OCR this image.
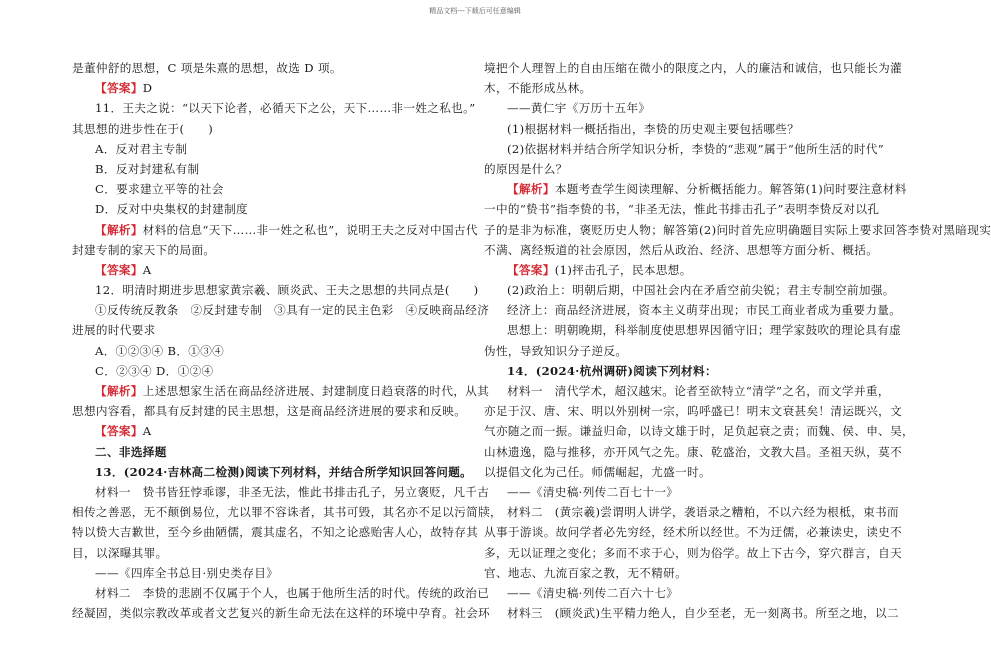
精品文档---下载后可任意编辑
是董仲舒的思想，C 项是朱熹的思想，故选 D 项。
【答案】D
11．王夫之说：“以天下论者，必循天下之公，天下……非一姓之私也。”
其思想的进步性在于(　　)
A．反对君主专制
B．反对封建私有制
C．要求建立平等的社会
D．反对中央集权的封建制度
【解析】材料的信息“天下……非一姓之私也”，说明王夫之反对中国古代
封建专制的家天下的局面。
【答案】A
12．明清时期进步思想家黄宗羲、顾炎武、王夫之思想的共同点是(　　)
①反传统反教条　②反封建专制　③具有一定的民主色彩　④反映商品经济
进展的时代要求
A．①②③④ B．①③④
C．②③④ D．①②④
【解析】上述思想家生活在商品经济进展、封建制度日趋衰落的时代，从其
思想内容看，都具有反封建的民主思想，这是商品经济进展的要求和反映。
【答案】A
二、非选择题
13．(2024·吉林高二检测)阅读下列材料，并结合所学知识回答问题。
材料一　贽书皆狂悖乖谬，非圣无法，惟此书排击孔子，另立褒贬，凡千古
相传之善恶，无不颠倒易位，尤以罪不容诛者，其书可毁，其名亦不足以污简牍，
特以贽大吉歉世，至今乡曲陋儒，震其虚名，不知之论惑贻害人心，故特存其
目，以深曝其罪。
——《四库全书总目·别史类存目》
材料二　李贽的悲剧不仅属于个人，也属于他所生活的时代。传统的政治已
经凝固，类似宗教改革或者文艺复兴的新生命无法在这样的环境中孕育。社会环
境把个人理智上的自由压缩在微小的限度之内，人的廉洁和诚信，也只能长为灌
木，不能形成丛林。
——黄仁宇《万历十五年》
(1)根据材料一概括指出，李贽的历史观主要包括哪些？
(2)依据材料并结合所学知识分析，李贽的“悲观”属于“他所生活的时代”
的原因是什么？
【解析】本题考查学生阅读理解、分析概括能力。解答第(1)问时要注意材料
一中的“贽书”指李贽的书，“非圣无法，惟此书排击孔子”表明李贽反对以孔
子的是非为标准，褒贬历史人物；解答第(2)问时首先应明确题目实际上要求回答李贽对黑暗现实
不满、离经叛道的社会原因，然后从政治、经济、思想等方面分析、概括。
【答案】(1)抨击孔子，民本思想。
(2)政治上：明朝后期，中国社会内在矛盾空前尖锐；君主专制空前加强。
经济上：商品经济进展，资本主义萌芽出现；市民工商业者成为重要力量。
思想上：明朝晚期，科举制度使思想界因循守旧；理学家鼓吹的理论具有虚
伪性，导致知识分子逆反。
14．(2024·杭州调研)阅读下列材料：
材料一　清代学术，超汉越宋。论者至欲特立“清学”之名，而文学并重，
亦足于汉、唐、宋、明以外别树一宗，呜呼盛已！明末文衰甚矣！清运既兴，文
气亦随之而一振。谦益归命，以诗文雄于时，足负起衰之责；而魏、侯、申、吴，
山林遗逸，隐与推移，亦开风气之先。康、乾盛治，文教大昌。圣祖天纵，莫不
以提倡文化为己任。师儒崛起，尤盛一时。
——《清史稿·列传二百七十一》
材料二　(黄宗羲)尝谓明人讲学，袭语录之糟粕，不以六经为根柢，束书而
从事于游谈。故问学者必先穷经，经术所以经世。不为迂儒，必兼读史，读史不
多，无以证理之变化；多而不求于心，则为俗学。故上下古今，穿穴群言，自天
官、地志、九流百家之教，无不精研。
——《清史稿·列传二百六十七》
材料三　(顾炎武)生平精力绝人，自少至老，无一刻离书。所至之地，以二
